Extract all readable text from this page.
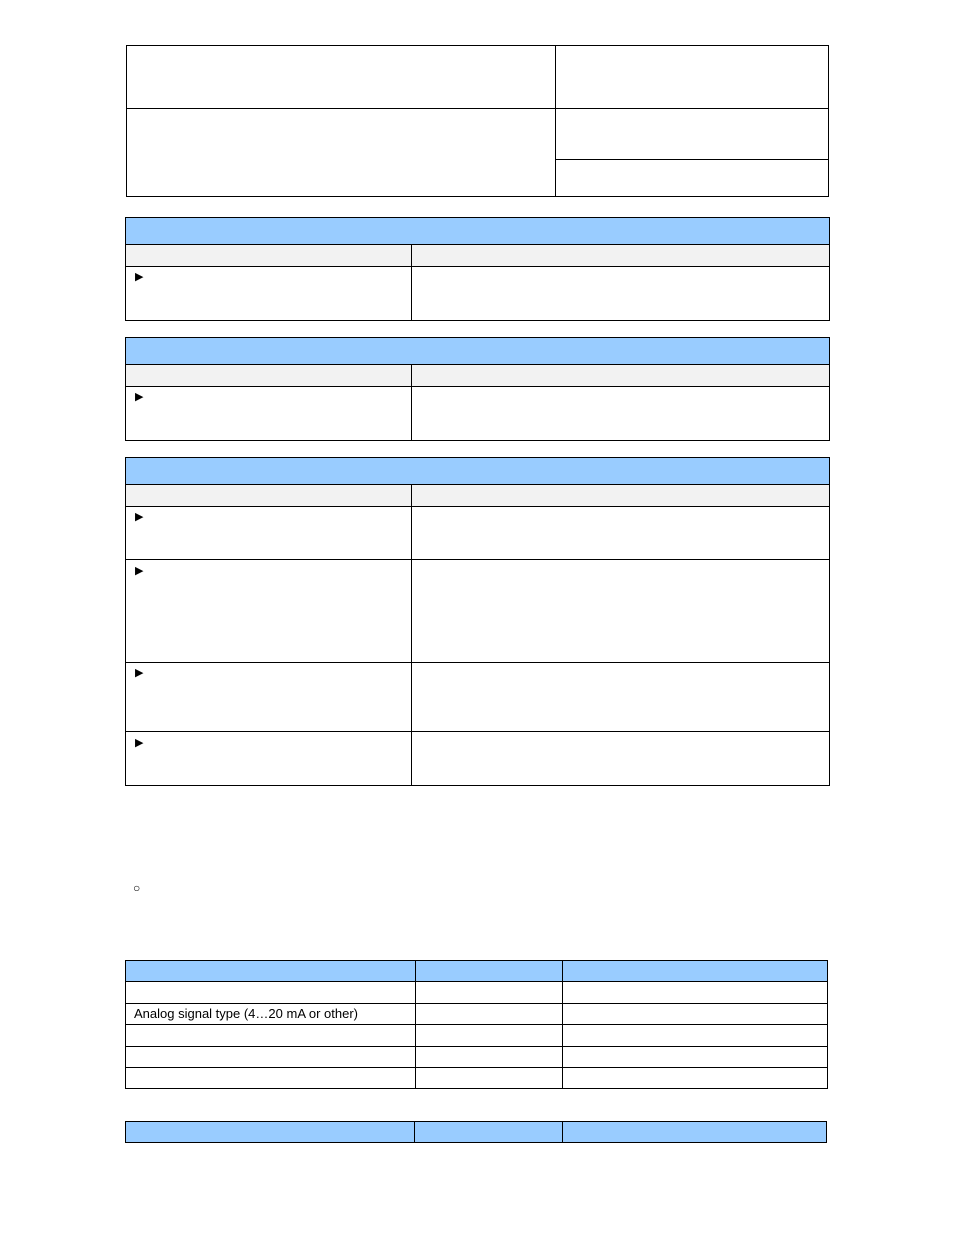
▶
▶
▶
▶
▶
▶
○
Analog signal type (4…20 mA or other)
